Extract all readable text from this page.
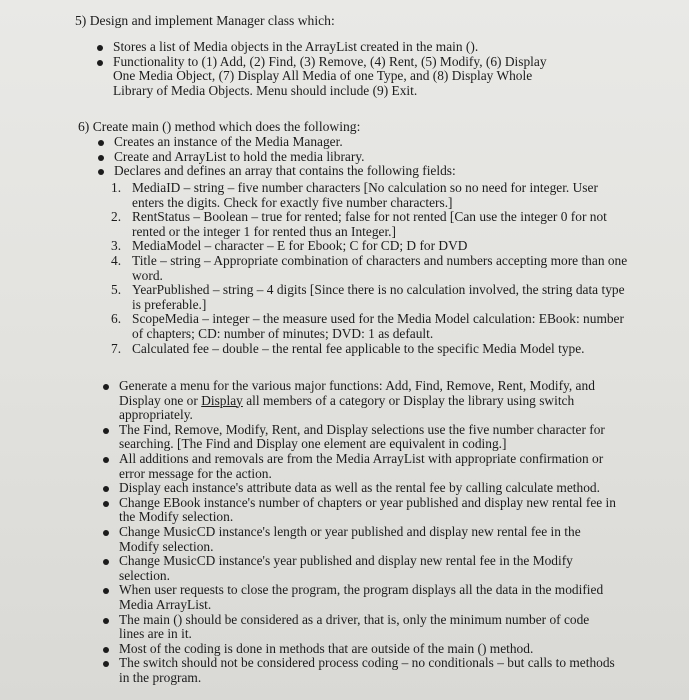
5) Design and implement Manager class which:
Stores a list of Media objects in the ArrayList created in the main ().
Functionality to (1) Add, (2) Find, (3) Remove, (4) Rent, (5) Modify, (6) Display One Media Object, (7) Display All Media of one Type, and (8) Display Whole Library of Media Objects. Menu should include (9) Exit.
6) Create main () method which does the following:
Creates an instance of the Media Manager.
Create and ArrayList to hold the media library.
Declares and defines an array that contains the following fields:
1. MediaID – string – five number characters [No calculation so no need for integer. User enters the digits. Check for exactly five number characters.]
2. RentStatus – Boolean – true for rented; false for not rented [Can use the integer 0 for not rented or the integer 1 for rented thus an Integer.]
3. MediaModel – character – E for Ebook; C for CD; D for DVD
4. Title – string – Appropriate combination of characters and numbers accepting more than one word.
5. YearPublished – string – 4 digits [Since there is no calculation involved, the string data type is preferable.]
6. ScopeMedia – integer – the measure used for the Media Model calculation: EBook: number of chapters; CD: number of minutes; DVD: 1 as default.
7. Calculated fee – double – the rental fee applicable to the specific Media Model type.
Generate a menu for the various major functions: Add, Find, Remove, Rent, Modify, and Display one or Display all members of a category or Display the library using switch appropriately.
The Find, Remove, Modify, Rent, and Display selections use the five number character for searching. [The Find and Display one element are equivalent in coding.]
All additions and removals are from the Media ArrayList with appropriate confirmation or error message for the action.
Display each instance's attribute data as well as the rental fee by calling calculate method.
Change EBook instance's number of chapters or year published and display new rental fee in the Modify selection.
Change MusicCD instance's length or year published and display new rental fee in the Modify selection.
Change MusicCD instance's year published and display new rental fee in the Modify selection.
When user requests to close the program, the program displays all the data in the modified Media ArrayList.
The main () should be considered as a driver, that is, only the minimum number of code lines are in it.
Most of the coding is done in methods that are outside of the main () method.
The switch should not be considered process coding – no conditionals – but calls to methods in the program.
